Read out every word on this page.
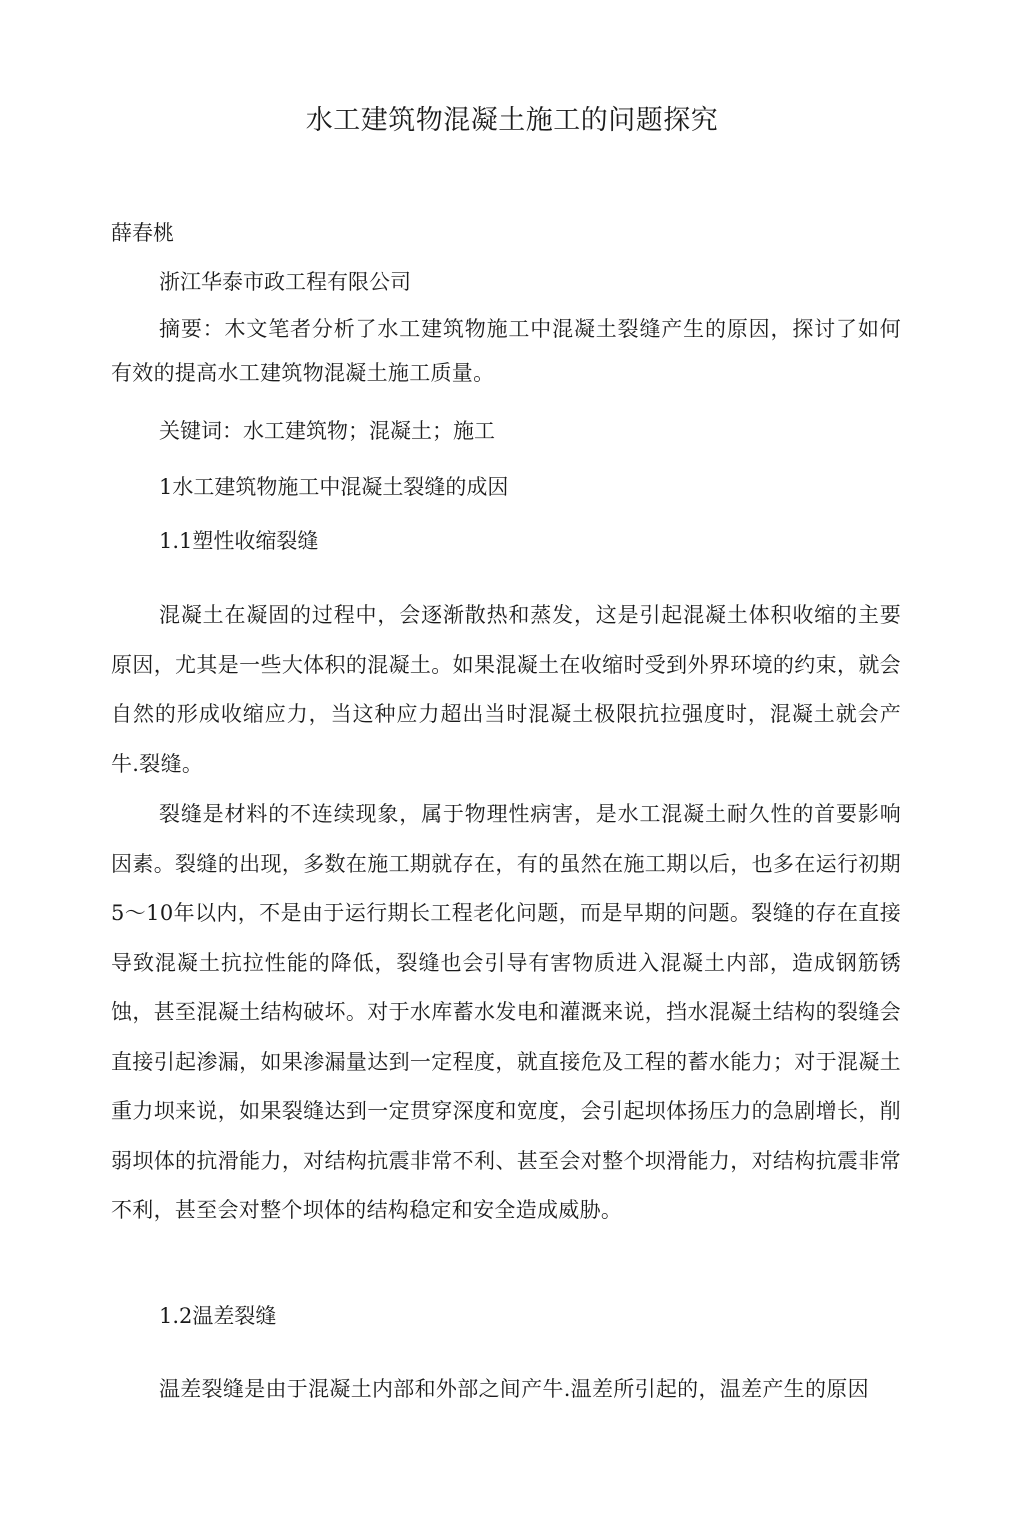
水工建筑物混凝土施工的问题探究

薛春桃

浙江华泰市政工程有限公司

摘要：木文笔者分析了水工建筑物施工中混凝土裂缝产生的原因，探讨了如何有效的提高水工建筑物混凝土施工质量。

关键词：水工建筑物；混凝土；施工

1水工建筑物施工中混凝土裂缝的成因

1.1塑性收缩裂缝

混凝土在凝固的过程中，会逐渐散热和蒸发，这是引起混凝土体积收缩的主要原因，尤其是一些大体积的混凝土。如果混凝土在收缩时受到外界环境的约束，就会自然的形成收缩应力，当这种应力超出当时混凝土极限抗拉强度时，混凝土就会产牛.裂缝。

裂缝是材料的不连续现象，属于物理性病害，是水工混凝土耐久性的首要影响因素。裂缝的出现，多数在施工期就存在，有的虽然在施工期以后，也多在运行初期5～10年以内，不是由于运行期长工程老化问题，而是早期的问题。裂缝的存在直接导致混凝土抗拉性能的降低，裂缝也会引导有害物质进入混凝土内部，造成钢筋锈蚀，甚至混凝土结构破坏。对于水库蓄水发电和灌溉来说，挡水混凝土结构的裂缝会直接引起渗漏，如果渗漏量达到一定程度，就直接危及工程的蓄水能力；对于混凝土重力坝来说，如果裂缝达到一定贯穿深度和宽度，会引起坝体扬压力的急剧增长，削弱坝体的抗滑能力，对结构抗震非常不利、甚至会对整个坝滑能力，对结构抗震非常不利，甚至会对整个坝体的结构稳定和安全造成威胁。

1.2温差裂缝

温差裂缝是由于混凝土内部和外部之间产牛.温差所引起的，温差产生的原因
